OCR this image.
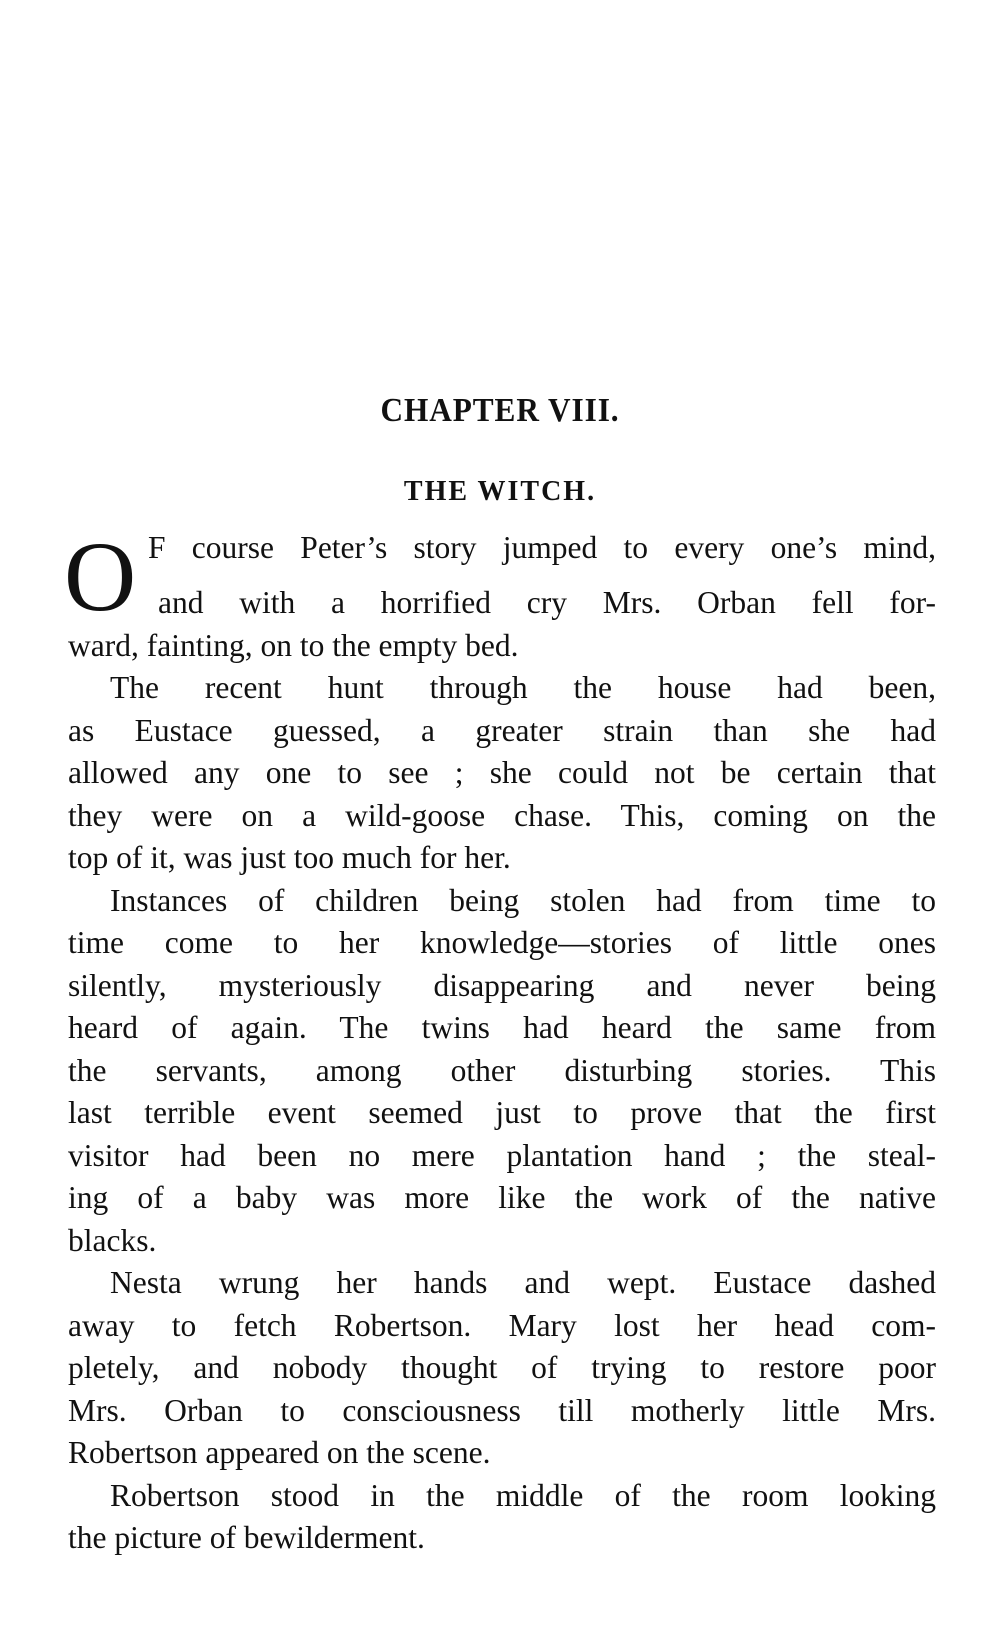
CHAPTER VIII.
THE WITCH.
O F course Peter’s story jumped to every one’s mind,
and with a horrified cry Mrs. Orban fell for-
ward, fainting, on to the empty bed.
The recent hunt through the house had been,
as Eustace guessed, a greater strain than she had
allowed any one to see ; she could not be certain that
they were on a wild-goose chase. This, coming on the
top of it, was just too much for her.
Instances of children being stolen had from time to
time come to her knowledge—stories of little ones
silently, mysteriously disappearing and never being
heard of again. The twins had heard the same from
the servants, among other disturbing stories. This
last terrible event seemed just to prove that the first
visitor had been no mere plantation hand ; the steal-
ing of a baby was more like the work of the native
blacks.
Nesta wrung her hands and wept. Eustace dashed
away to fetch Robertson. Mary lost her head com-
pletely, and nobody thought of trying to restore poor
Mrs. Orban to consciousness till motherly little Mrs.
Robertson appeared on the scene.
Robertson stood in the middle of the room looking
the picture of bewilderment.
